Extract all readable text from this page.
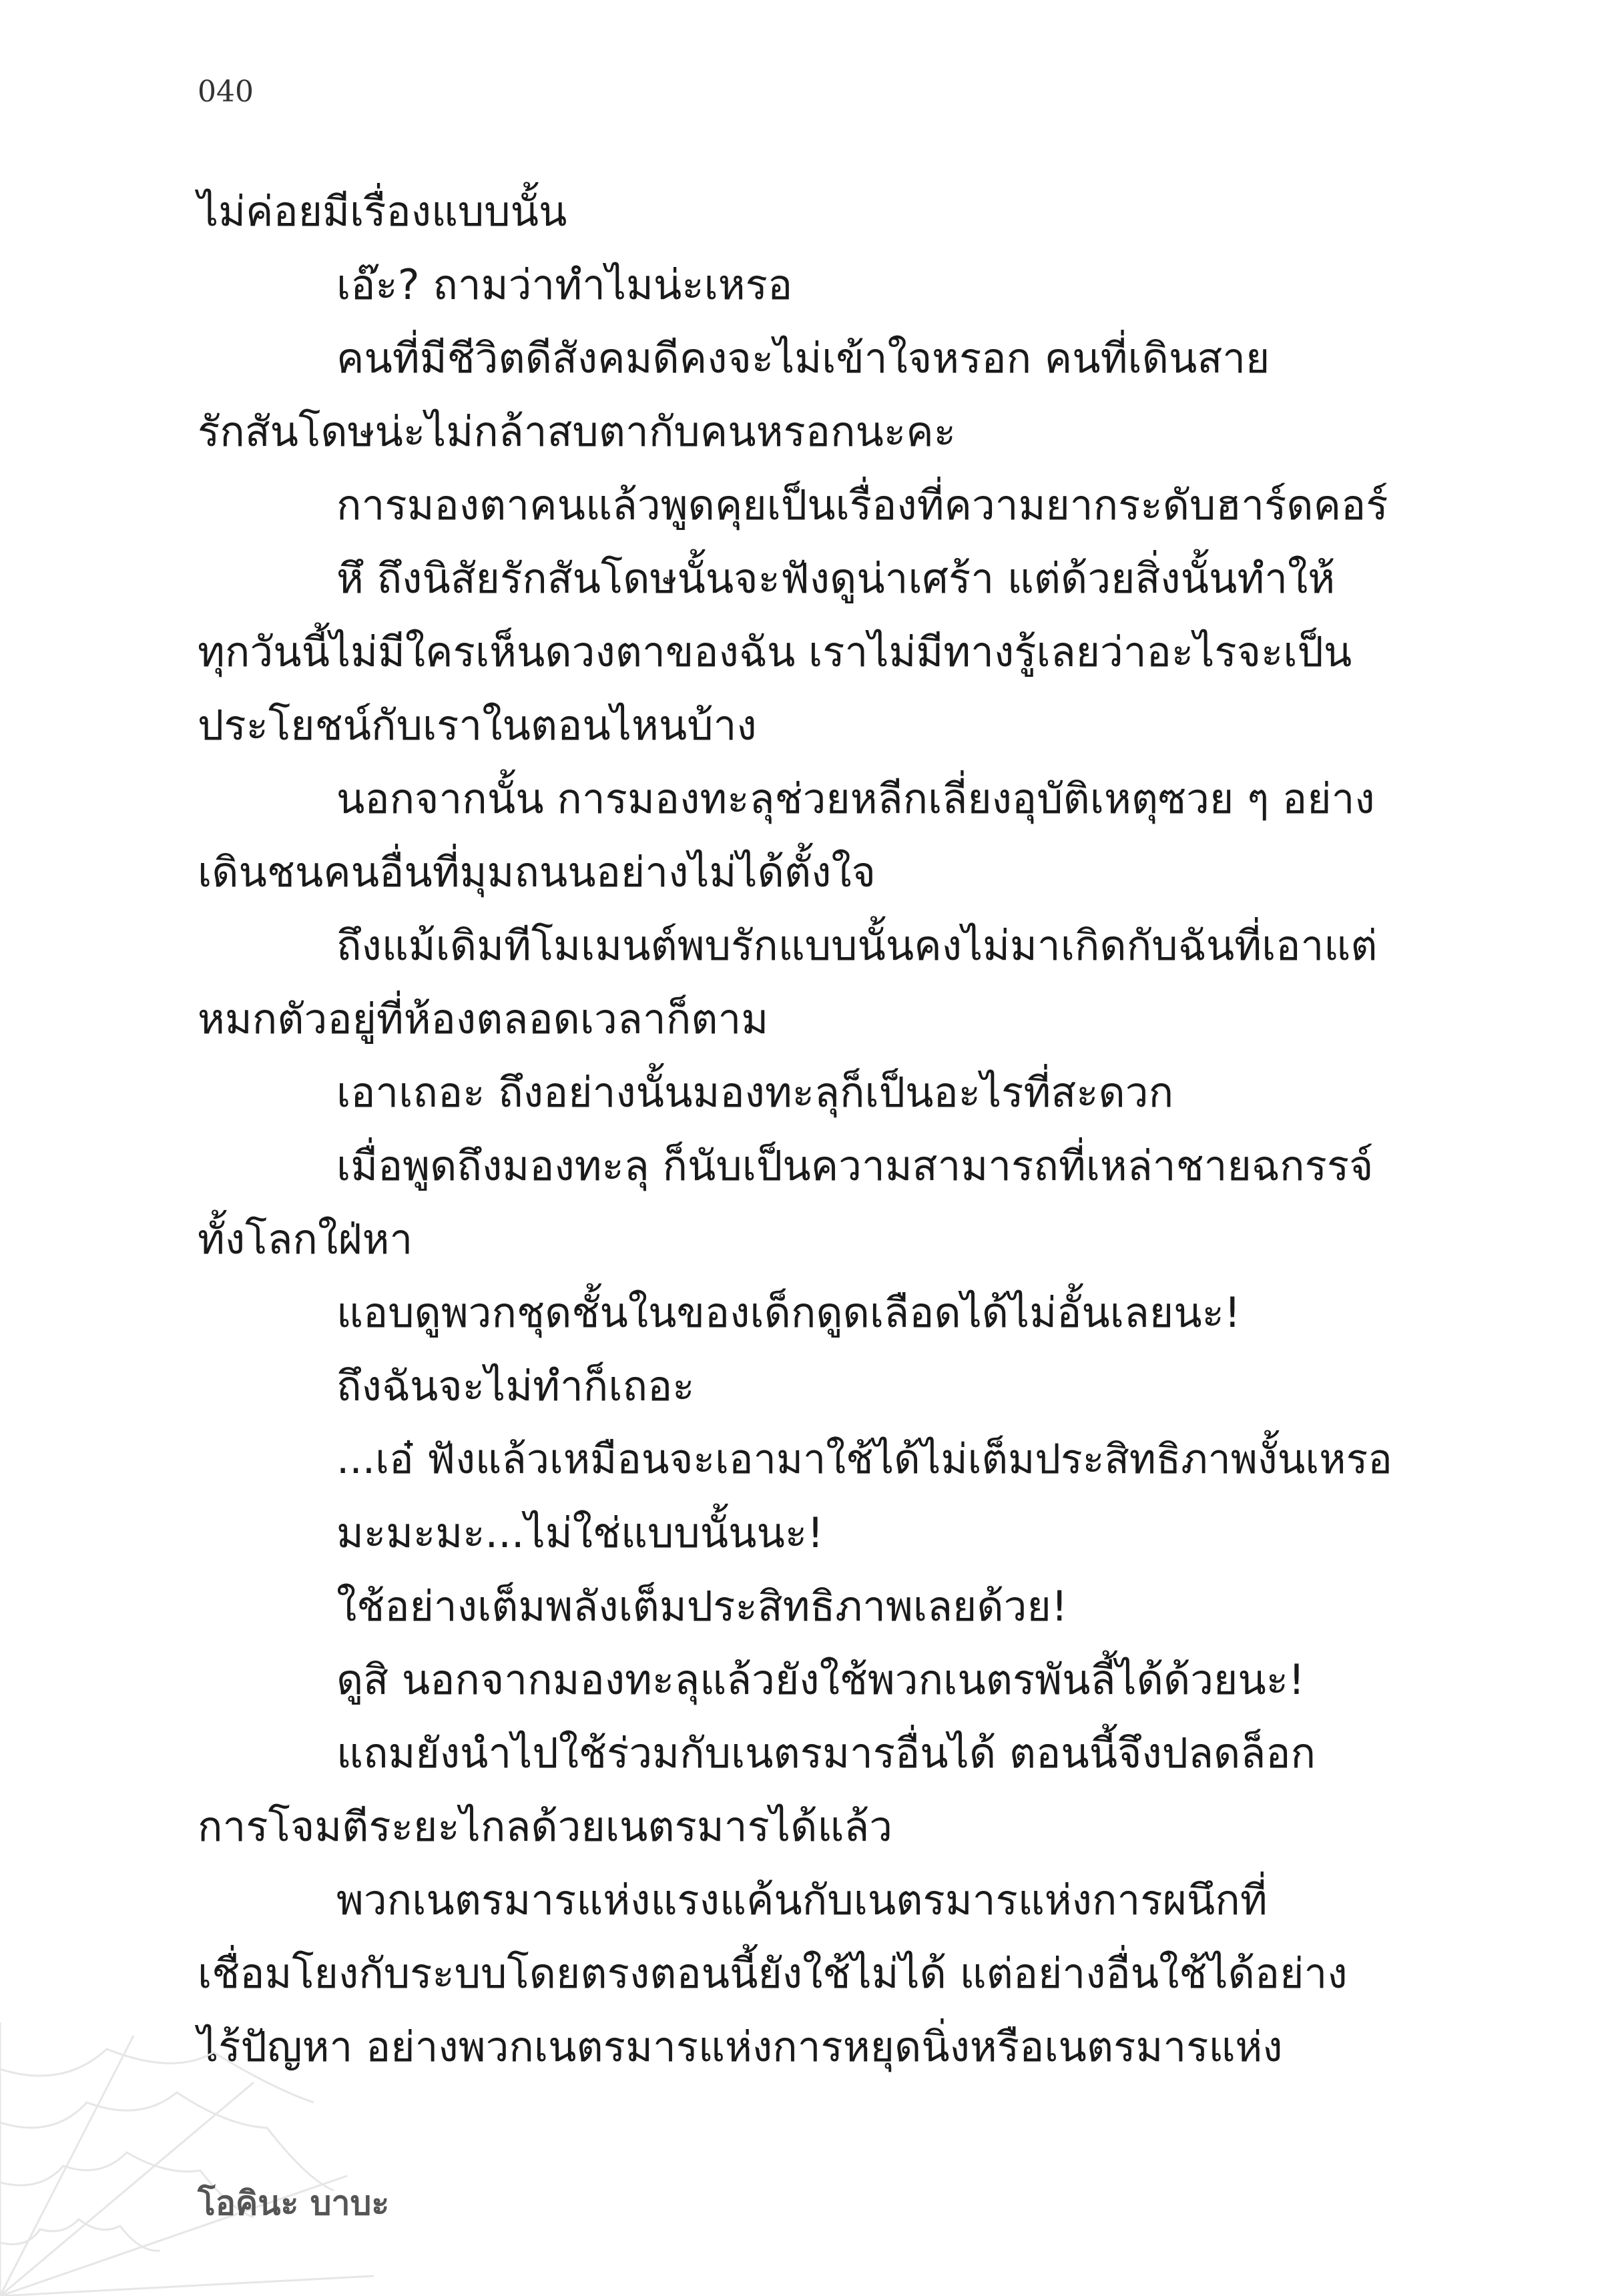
040
ไม่ค่อยมีเรื่องแบบนั้น
เอ๊ะ? ถามว่าทำไมน่ะเหรอ
คนที่มีชีวิตดีสังคมดีคงจะไม่เข้าใจหรอก คนที่เดินสาย
รักสันโดษน่ะไม่กล้าสบตากับคนหรอกนะคะ
การมองตาคนแล้วพูดคุยเป็นเรื่องที่ความยากระดับฮาร์ดคอร์
หึ ถึงนิสัยรักสันโดษนั้นจะฟังดูน่าเศร้า แต่ด้วยสิ่งนั้นทำให้
ทุกวันนี้ไม่มีใครเห็นดวงตาของฉัน เราไม่มีทางรู้เลยว่าอะไรจะเป็น
ประโยชน์กับเราในตอนไหนบ้าง
นอกจากนั้น การมองทะลุช่วยหลีกเลี่ยงอุบัติเหตุซวย ๆ อย่าง
เดินชนคนอื่นที่มุมถนนอย่างไม่ได้ตั้งใจ
ถึงแม้เดิมทีโมเมนต์พบรักแบบนั้นคงไม่มาเกิดกับฉันที่เอาแต่
หมกตัวอยู่ที่ห้องตลอดเวลาก็ตาม
เอาเถอะ ถึงอย่างนั้นมองทะลุก็เป็นอะไรที่สะดวก
เมื่อพูดถึงมองทะลุ ก็นับเป็นความสามารถที่เหล่าชายฉกรรจ์
ทั้งโลกใฝ่หา
แอบดูพวกชุดชั้นในของเด็กดูดเลือดได้ไม่อั้นเลยนะ!
ถึงฉันจะไม่ทำก็เถอะ
...เอ๋ ฟังแล้วเหมือนจะเอามาใช้ได้ไม่เต็มประสิทธิภาพงั้นเหรอ
มะมะมะ...ไม่ใช่แบบนั้นนะ!
ใช้อย่างเต็มพลังเต็มประสิทธิภาพเลยด้วย!
ดูสิ นอกจากมองทะลุแล้วยังใช้พวกเนตรพันลี้ได้ด้วยนะ!
แถมยังนำไปใช้ร่วมกับเนตรมารอื่นได้ ตอนนี้จึงปลดล็อก
การโจมตีระยะไกลด้วยเนตรมารได้แล้ว
พวกเนตรมารแห่งแรงแค้นกับเนตรมารแห่งการผนึกที่
เชื่อมโยงกับระบบโดยตรงตอนนี้ยังใช้ไม่ได้ แต่อย่างอื่นใช้ได้อย่าง
ไร้ปัญหา อย่างพวกเนตรมารแห่งการหยุดนิ่งหรือเนตรมารแห่ง
โอคินะ บาบะ
